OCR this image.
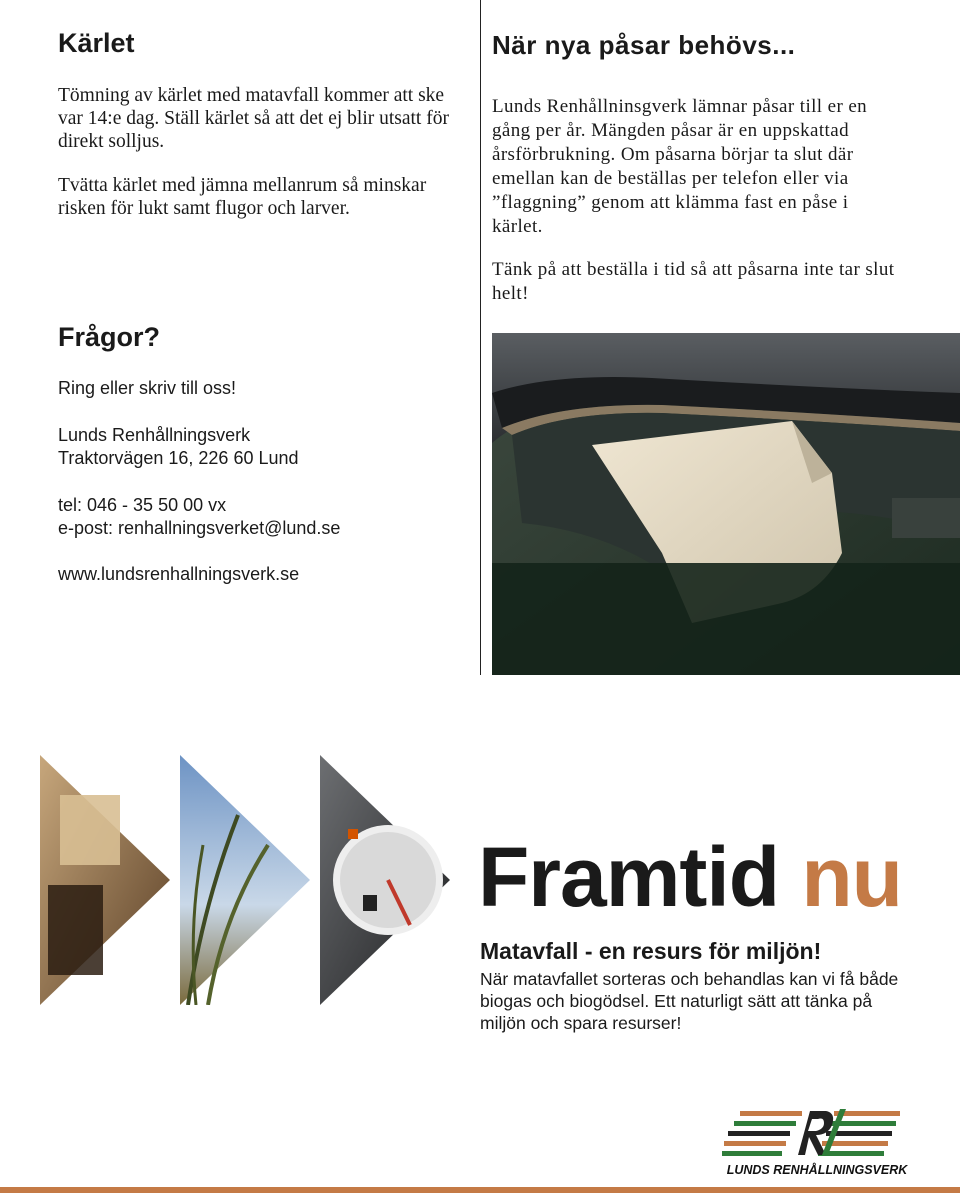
Kärlet

Tömning av kärlet med matavfall kommer att ske var 14:e dag. Ställ kärlet så att det ej blir utsatt för direkt solljus.

Tvätta kärlet med jämna mellanrum så minskar risken för lukt samt flugor och larver.

Frågor?

Ring eller skriv till oss!

Lunds Renhållningsverk

Traktorvägen 16, 226 60 Lund

tel: 046 - 35 50 00 vx

e-post: renhallningsverket@lund.se

www.lundsrenhallningsverk.se

När nya påsar behövs...

Lunds Renhållninsgverk lämnar påsar till er en gång per år. Mängden påsar är en uppskattad årsförbrukning. Om påsarna börjar ta slut där emellan kan de beställas per telefon eller via ”flaggning” genom att klämma fast en påse i kärlet.

Tänk på att beställa i tid så att påsarna inte tar slut helt!

Framtid nu

Matavfall - en resurs för miljön!

När matavfallet sorteras och behandlas kan vi få både biogas och biogödsel. Ett naturligt sätt att tänka på miljön och spara resurser!

LUNDS RENHÅLLNINGSVERK
